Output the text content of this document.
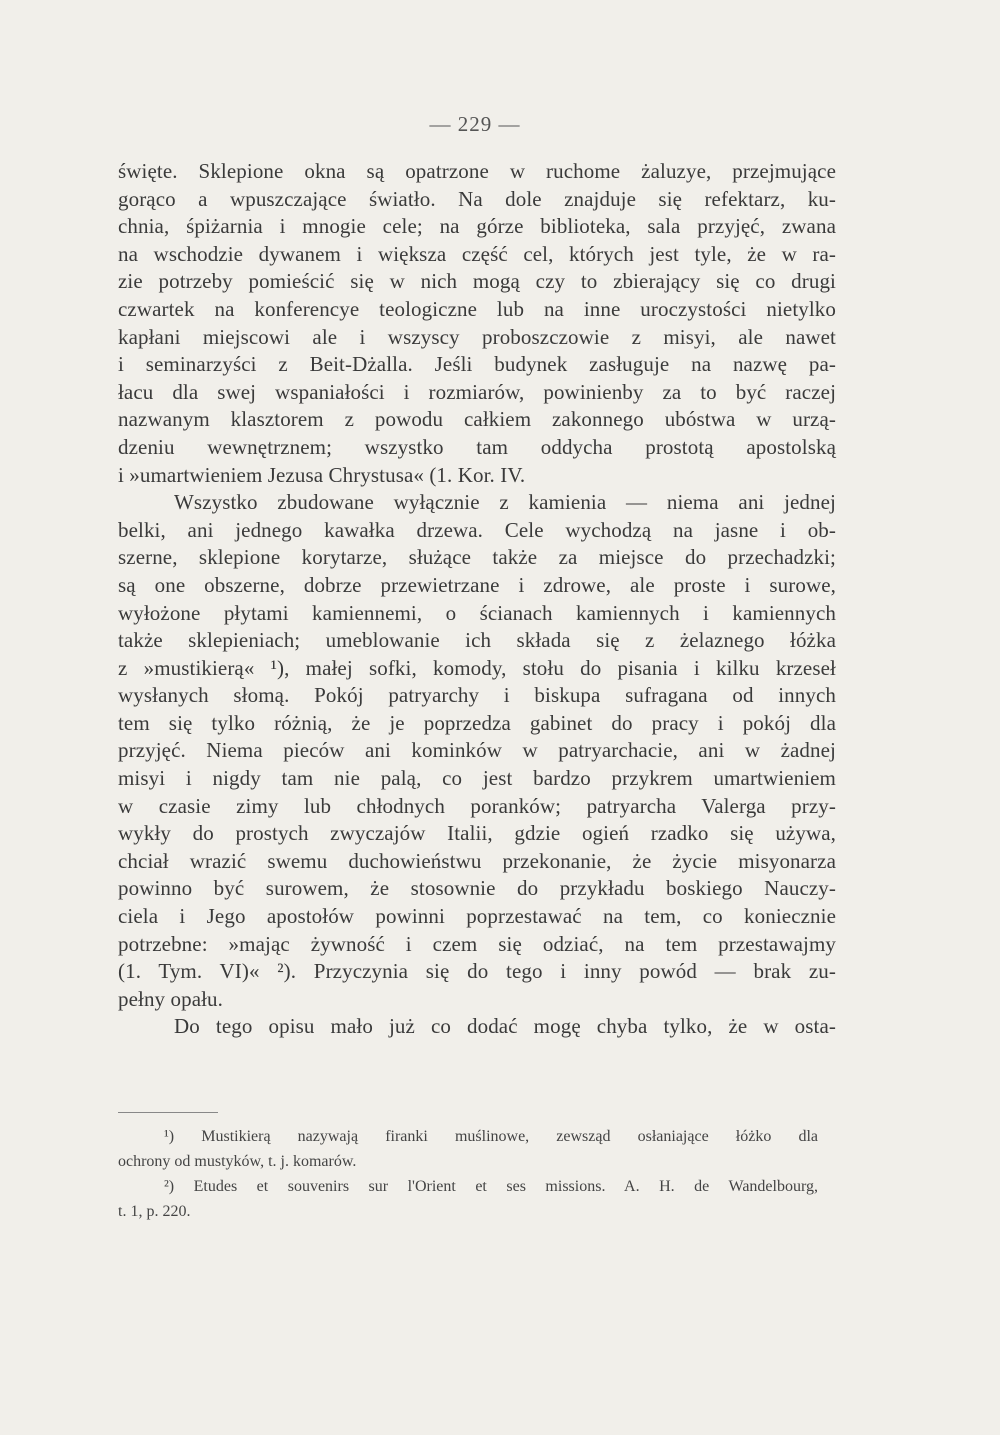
— 229 —
święte. Sklepione okna są opatrzone w ruchome żaluzye, przejmujące
gorąco a wpuszczające światło. Na dole znajduje się refektarz, ku-
chnia, śpiżarnia i mnogie cele; na górze biblioteka, sala przyjęć, zwana
na wschodzie dywanem i większa część cel, których jest tyle, że w ra-
zie potrzeby pomieścić się w nich mogą czy to zbierający się co drugi
czwartek na konferencye teologiczne lub na inne uroczystości nietylko
kapłani miejscowi ale i wszyscy proboszczowie z misyi, ale nawet
i seminarzyści z Beit-Dżalla. Jeśli budynek zasługuje na nazwę pa-
łacu dla swej wspaniałości i rozmiarów, powinienby za to być raczej
nazwanym klasztorem z powodu całkiem zakonnego ubóstwa w urzą-
dzeniu wewnętrznem; wszystko tam oddycha prostotą apostolską
i »umartwieniem Jezusa Chrystusa« (1. Kor. IV.
Wszystko zbudowane wyłącznie z kamienia — niema ani jednej
belki, ani jednego kawałka drzewa. Cele wychodzą na jasne i ob-
szerne, sklepione korytarze, służące także za miejsce do przechadzki;
są one obszerne, dobrze przewietrzane i zdrowe, ale proste i surowe,
wyłożone płytami kamiennemi, o ścianach kamiennych i kamiennych
także sklepieniach; umeblowanie ich składa się z żelaznego łóżka
z »mustikierą« ¹), małej sofki, komody, stołu do pisania i kilku krzeseł
wysłanych słomą. Pokój patryarchy i biskupa sufragana od innych
tem się tylko różnią, że je poprzedza gabinet do pracy i pokój dla
przyjęć. Niema pieców ani kominków w patryarchacie, ani w żadnej
misyi i nigdy tam nie palą, co jest bardzo przykrem umartwieniem
w czasie zimy lub chłodnych poranków; patryarcha Valerga przy-
wykły do prostych zwyczajów Italii, gdzie ogień rzadko się używa,
chciał wrazić swemu duchowieństwu przekonanie, że życie misyonarza
powinno być surowem, że stosownie do przykładu boskiego Nauczy-
ciela i Jego apostołów powinni poprzestawać na tem, co koniecznie
potrzebne: »mając żywność i czem się odziać, na tem przestawajmy
(1. Tym. VI)« ²). Przyczynia się do tego i inny powód — brak zu-
pełny opału.
Do tego opisu mało już co dodać mogę chyba tylko, że w osta-
¹) Mustikierą nazywają firanki muślinowe, zewsząd osłaniające łóżko dla
ochrony od mustyków, t. j. komarów.
²) Etudes et souvenirs sur l'Orient et ses missions. A. H. de Wandelbourg,
t. 1, p. 220.
